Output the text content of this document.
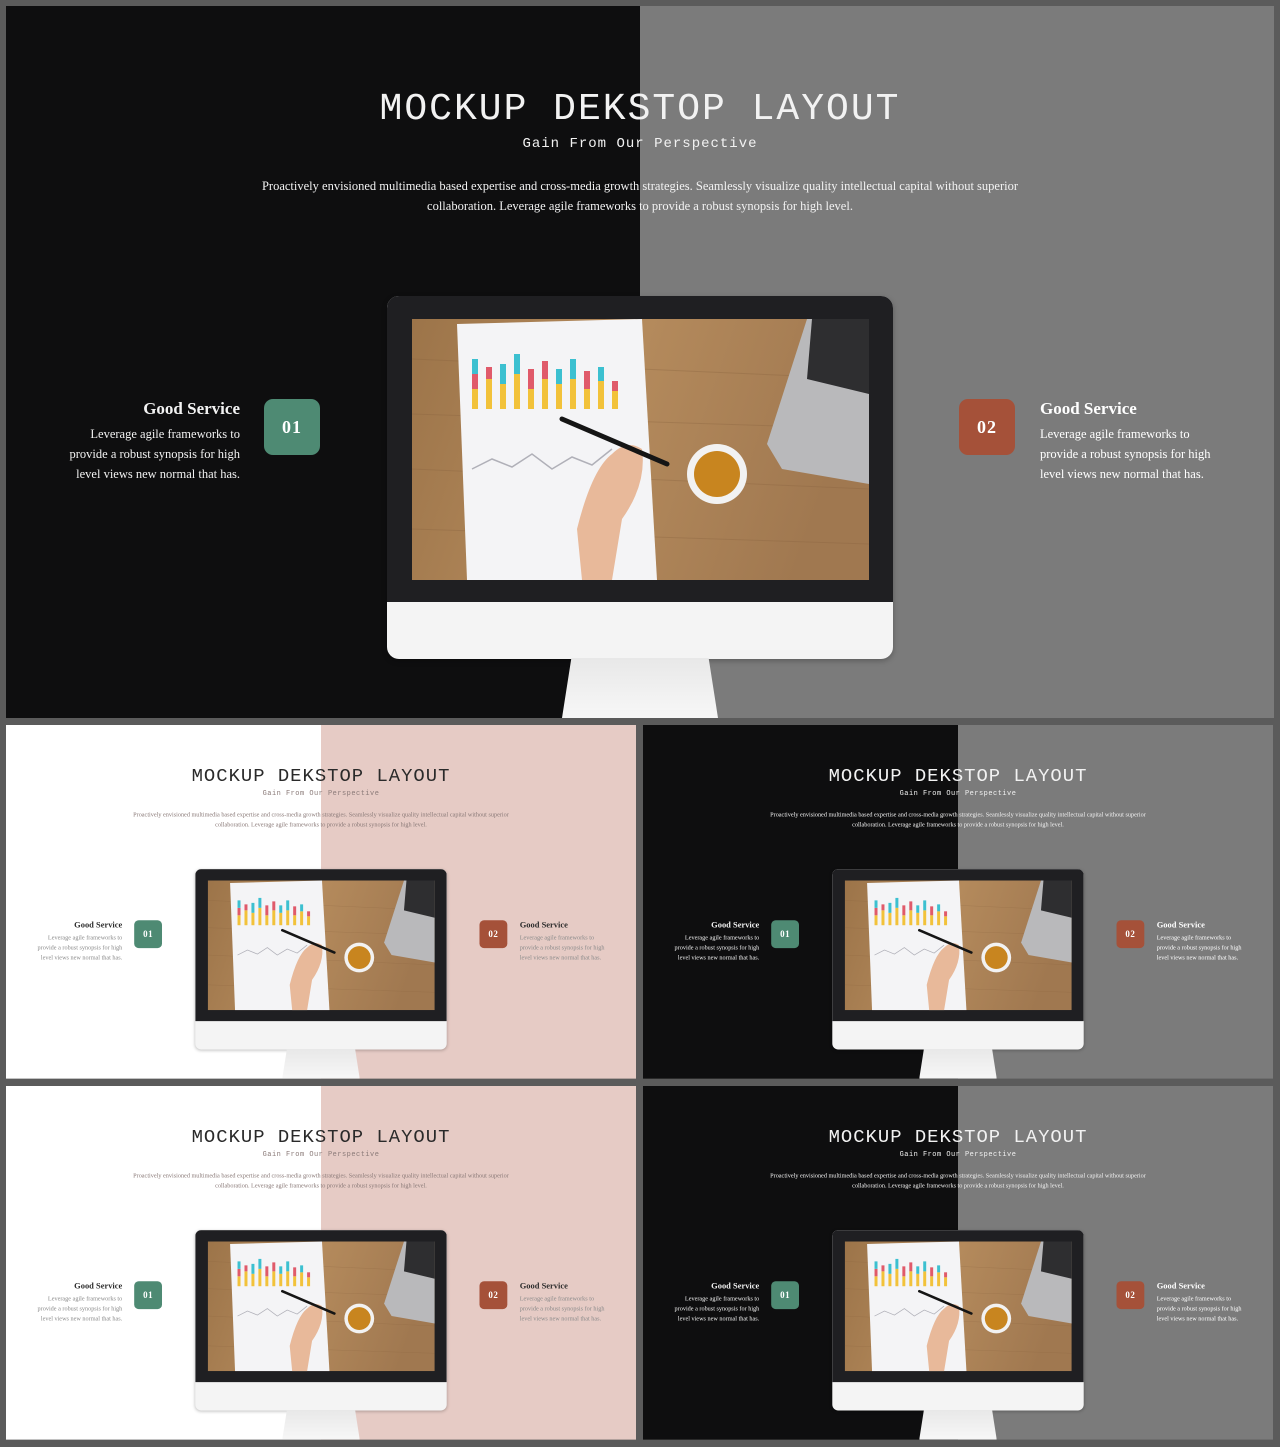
MOCKUP DEKSTOP LAYOUT
Gain From Our Perspective
Proactively envisioned multimedia based expertise and cross-media growth strategies. Seamlessly visualize quality intellectual capital without superior collaboration. Leverage agile frameworks to provide a robust synopsis for high level.
Good Service
Leverage agile frameworks to provide a robust synopsis for high level views new normal that has.
01	02
Good Service
Leverage agile frameworks to provide a robust synopsis for high level views new normal that has.
MOCKUP DEKSTOP LAYOUT
Gain From Our Perspective
Proactively envisioned multimedia based expertise and cross-media growth strategies. Seamlessly visualize quality intellectual capital without superior collaboration. Leverage agile frameworks to provide a robust synopsis for high level.
Good Service
Leverage agile frameworks to provide a robust synopsis for high level views new normal that has.
01	02
Good Service
Leverage agile frameworks to provide a robust synopsis for high level views new normal that has.
MOCKUP DEKSTOP LAYOUT
Gain From Our Perspective
Proactively envisioned multimedia based expertise and cross-media growth strategies. Seamlessly visualize quality intellectual capital without superior collaboration. Leverage agile frameworks to provide a robust synopsis for high level.
Good Service
Leverage agile frameworks to provide a robust synopsis for high level views new normal that has.
01	02
Good Service
Leverage agile frameworks to provide a robust synopsis for high level views new normal that has.
MOCKUP DEKSTOP LAYOUT
Gain From Our Perspective
Proactively envisioned multimedia based expertise and cross-media growth strategies. Seamlessly visualize quality intellectual capital without superior collaboration. Leverage agile frameworks to provide a robust synopsis for high level.
Good Service
Leverage agile frameworks to provide a robust synopsis for high level views new normal that has.
01	02
Good Service
Leverage agile frameworks to provide a robust synopsis for high level views new normal that has.
MOCKUP DEKSTOP LAYOUT
Gain From Our Perspective
Proactively envisioned multimedia based expertise and cross-media growth strategies. Seamlessly visualize quality intellectual capital without superior collaboration. Leverage agile frameworks to provide a robust synopsis for high level.
Good Service
Leverage agile frameworks to provide a robust synopsis for high level views new normal that has.
01	02
Good Service
Leverage agile frameworks to provide a robust synopsis for high level views new normal that has.
